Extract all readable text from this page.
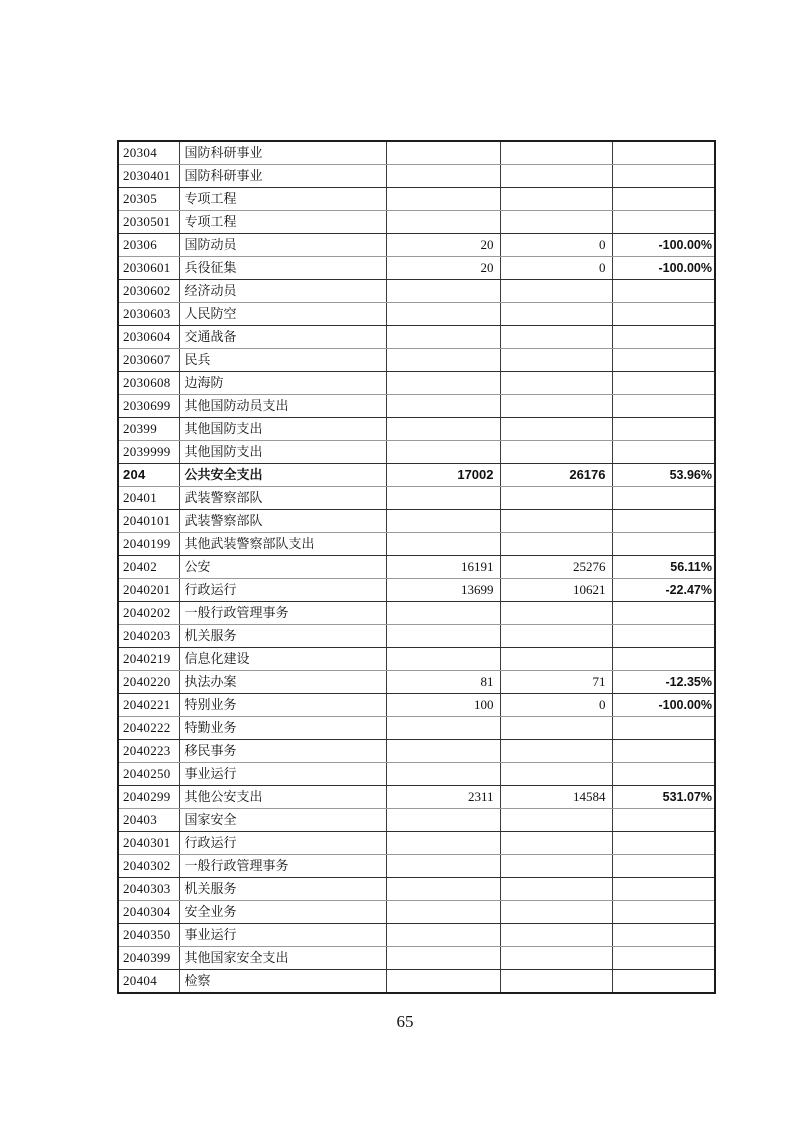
20304	国防科研事业			
2030401	国防科研事业			
20305	专项工程			
2030501	专项工程			
20306	国防动员	20	0	-100.00%
2030601	兵役征集	20	0	-100.00%
2030602	经济动员			
2030603	人民防空			
2030604	交通战备			
2030607	民兵			
2030608	边海防			
2030699	其他国防动员支出			
20399	其他国防支出			
2039999	其他国防支出			
204	公共安全支出	17002	26176	53.96%
20401	武装警察部队			
2040101	武装警察部队			
2040199	其他武装警察部队支出			
20402	公安	16191	25276	56.11%
2040201	行政运行	13699	10621	-22.47%
2040202	一般行政管理事务			
2040203	机关服务			
2040219	信息化建设			
2040220	执法办案	81	71	-12.35%
2040221	特别业务	100	0	-100.00%
2040222	特勤业务			
2040223	移民事务			
2040250	事业运行			
2040299	其他公安支出	2311	14584	531.07%
20403	国家安全			
2040301	行政运行			
2040302	一般行政管理事务			
2040303	机关服务			
2040304	安全业务			
2040350	事业运行			
2040399	其他国家安全支出			
20404	检察			
65
